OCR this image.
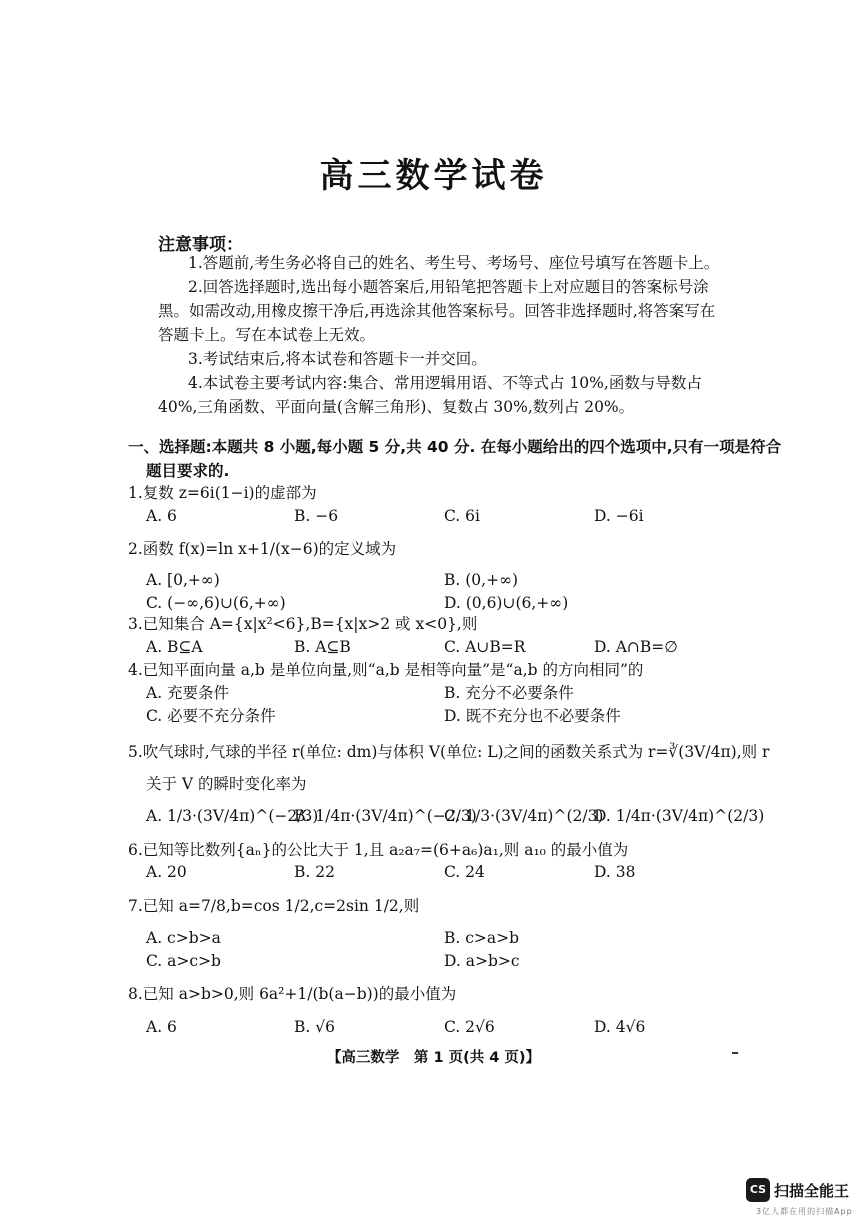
高三数学试卷
注意事项：
1.答题前,考生务必将自己的姓名、考生号、考场号、座位号填写在答题卡上。
2.回答选择题时,选出每小题答案后,用铅笔把答题卡上对应题目的答案标号涂
黑。如需改动,用橡皮擦干净后,再选涂其他答案标号。回答非选择题时,将答案写在
答题卡上。写在本试卷上无效。
3.考试结束后,将本试卷和答题卡一并交回。
4.本试卷主要考试内容:集合、常用逻辑用语、不等式占 10%,函数与导数占
40%,三角函数、平面向量(含解三角形)、复数占 30%,数列占 20%。
一、选择题:本题共 8 小题,每小题 5 分,共 40 分. 在每小题给出的四个选项中,只有一项是符合
题目要求的.
1.复数 z=6i(1−i)的虚部为
A. 6	B. −6	C. 6i	D. −6i
2.函数 f(x)=ln x+1/(x−6)的定义域为
A. [0,+∞)	B. (0,+∞)
C. (−∞,6)∪(6,+∞)	D. (0,6)∪(6,+∞)
3.已知集合 A={x|x²<6},B={x|x>2 或 x<0},则
A. B⊆A	B. A⊆B	C. A∪B=R	D. A∩B=∅
4.已知平面向量 a,b 是单位向量,则“a,b 是相等向量”是“a,b 的方向相同”的
A. 充要条件	B. 充分不必要条件
C. 必要不充分条件	D. 既不充分也不必要条件
5.吹气球时,气球的半径 r(单位: dm)与体积 V(单位: L)之间的函数关系式为 r=∛(3V/4π),则 r
关于 V 的瞬时变化率为
A. 1/3·(3V/4π)^(−2/3)
B. 1/4π·(3V/4π)^(−2/3)
C. 1/3·(3V/4π)^(2/3)
D. 1/4π·(3V/4π)^(2/3)
6.已知等比数列{aₙ}的公比大于 1,且 a₂a₇=(6+a₆)a₁,则 a₁₀ 的最小值为
A. 20	B. 22	C. 24	D. 38
7.已知 a=7/8,b=cos 1/2,c=2sin 1/2,则
A. c>b>a	B. c>a>b
C. a>c>b	D. a>b>c
8.已知 a>b>0,则 6a²+1/(b(a−b))的最小值为
A. 6	B. √6	C. 2√6	D. 4√6
【高三数学　第 1 页(共 4 页)】
CS 扫描全能王
3亿人都在用的扫描App
